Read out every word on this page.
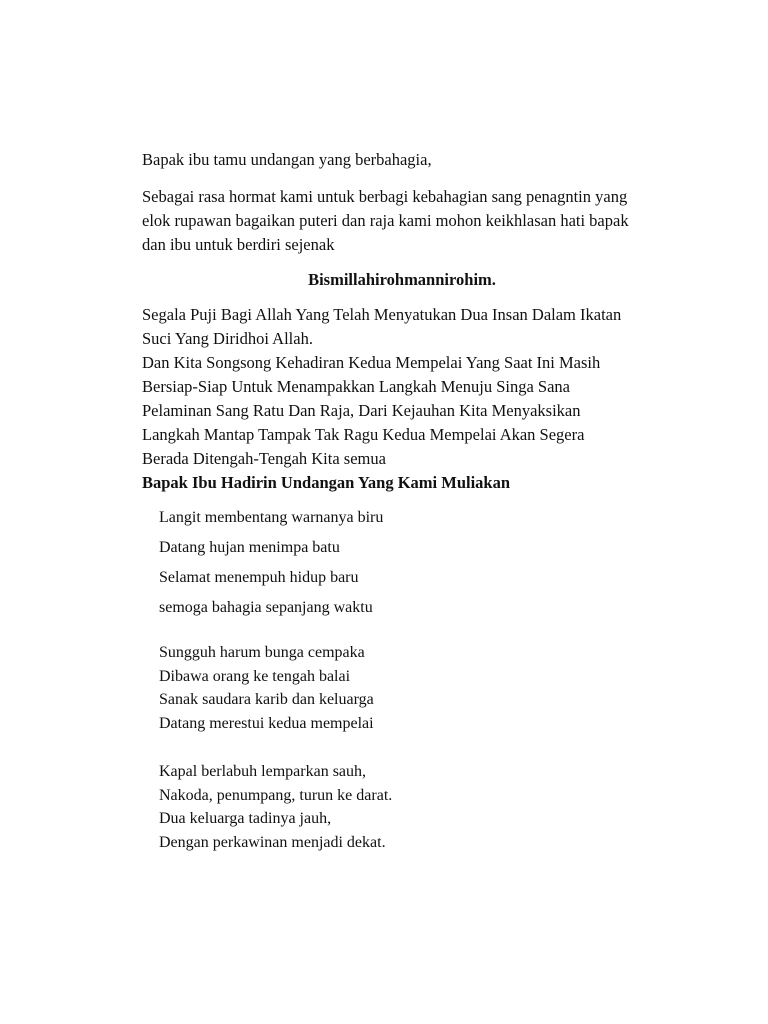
Bapak ibu tamu undangan yang berbahagia,

Sebagai rasa hormat kami untuk berbagi kebahagian sang penagntin yang

elok rupawan bagaikan puteri dan raja kami mohon keikhlasan hati bapak

dan ibu untuk berdiri sejenak

Bismillahirohmannirohim.

Segala Puji Bagi Allah Yang Telah Menyatukan Dua Insan Dalam Ikatan

Suci Yang Diridhoi Allah.

Dan Kita Songsong Kehadiran Kedua Mempelai Yang Saat Ini Masih

Bersiap-Siap Untuk Menampakkan Langkah Menuju Singa Sana

Pelaminan Sang Ratu Dan Raja, Dari Kejauhan Kita Menyaksikan

Langkah Mantap Tampak Tak Ragu Kedua Mempelai Akan Segera

Berada Ditengah-Tengah Kita semua

Bapak Ibu Hadirin Undangan Yang Kami Muliakan

Langit membentang warnanya biru

Datang hujan menimpa batu

Selamat menempuh hidup baru

semoga bahagia sepanjang waktu

Sungguh harum bunga cempaka

Dibawa orang ke tengah balai

Sanak saudara karib dan keluarga

Datang merestui kedua mempelai

Kapal berlabuh lemparkan sauh,

Nakoda, penumpang, turun ke darat.

Dua keluarga tadinya jauh,

Dengan perkawinan menjadi dekat.
